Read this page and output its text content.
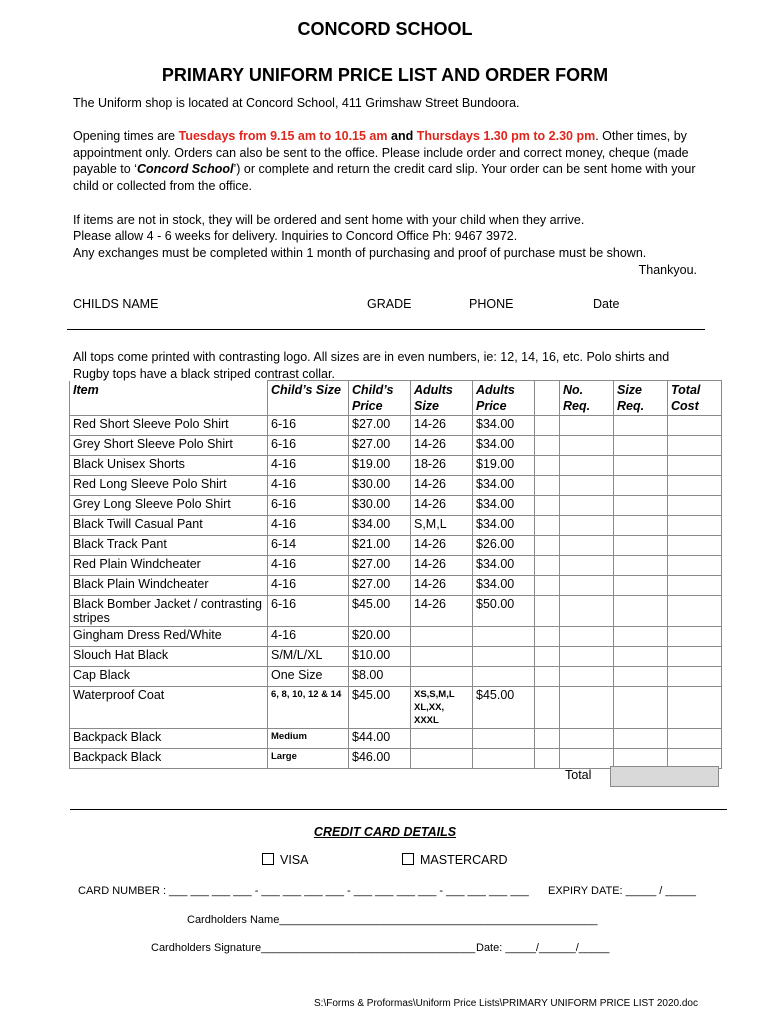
CONCORD SCHOOL
PRIMARY UNIFORM PRICE LIST AND ORDER FORM
The Uniform shop is located at Concord School, 411 Grimshaw Street Bundoora.
Opening times are Tuesdays from 9.15 am to 10.15 am and Thursdays 1.30 pm to 2.30 pm. Other times, by appointment only. Orders can also be sent to the office. Please include order and correct money, cheque (made payable to ‘Concord School’) or complete and return the credit card slip. Your order can be sent home with your child or collected from the office.
If items are not in stock, they will be ordered and sent home with your child when they arrive.
Please allow 4 - 6 weeks for delivery. Inquiries to Concord Office Ph: 9467 3972.
Any exchanges must be completed within 1 month of purchasing and proof of purchase must be shown.
Thankyou.
CHILDS NAME	GRADE	PHONE	Date
All tops come printed with contrasting logo. All sizes are in even numbers, ie: 12, 14, 16, etc. Polo shirts and Rugby tops have a black striped contrast collar.
Item	Child’s Size	Child’s Price	Adults Size	Adults Price		No. Req.	Size Req.	Total Cost
Red Short Sleeve Polo Shirt	6-16	$27.00	14-26	$34.00				
Grey Short Sleeve Polo Shirt	6-16	$27.00	14-26	$34.00				
Black Unisex Shorts	4-16	$19.00	18-26	$19.00				
Red Long Sleeve Polo Shirt	4-16	$30.00	14-26	$34.00				
Grey Long Sleeve Polo Shirt	6-16	$30.00	14-26	$34.00				
Black Twill Casual Pant	4-16	$34.00	S,M,L	$34.00				
Black Track Pant	6-14	$21.00	14-26	$26.00				
Red Plain Windcheater	4-16	$27.00	14-26	$34.00				
Black Plain Windcheater	4-16	$27.00	14-26	$34.00				
Black Bomber Jacket / contrasting stripes	6-16	$45.00	14-26	$50.00				
Gingham Dress Red/White	4-16	$20.00						
Slouch Hat Black	S/M/L/XL	$10.00						
Cap Black	One Size	$8.00						
Waterproof Coat	6, 8, 10, 12 & 14	$45.00	XS,S,M,L XL,XX, XXXL	$45.00				
Backpack Black	Medium	$44.00						
Backpack Black	Large	$46.00						
Total
CREDIT CARD DETAILS
VISA	MASTERCARD
CARD NUMBER : ___ ___ ___ ___ - ___ ___ ___ ___ - ___ ___ ___ ___ - ___ ___ ___ ___ EXPIRY DATE: _____ / _____
Cardholders Name____________________________________________________
Cardholders Signature___________________________________ Date: _____/______/_____
S:\Forms & Proformas\Uniform Price Lists\PRIMARY UNIFORM PRICE LIST 2020.doc
